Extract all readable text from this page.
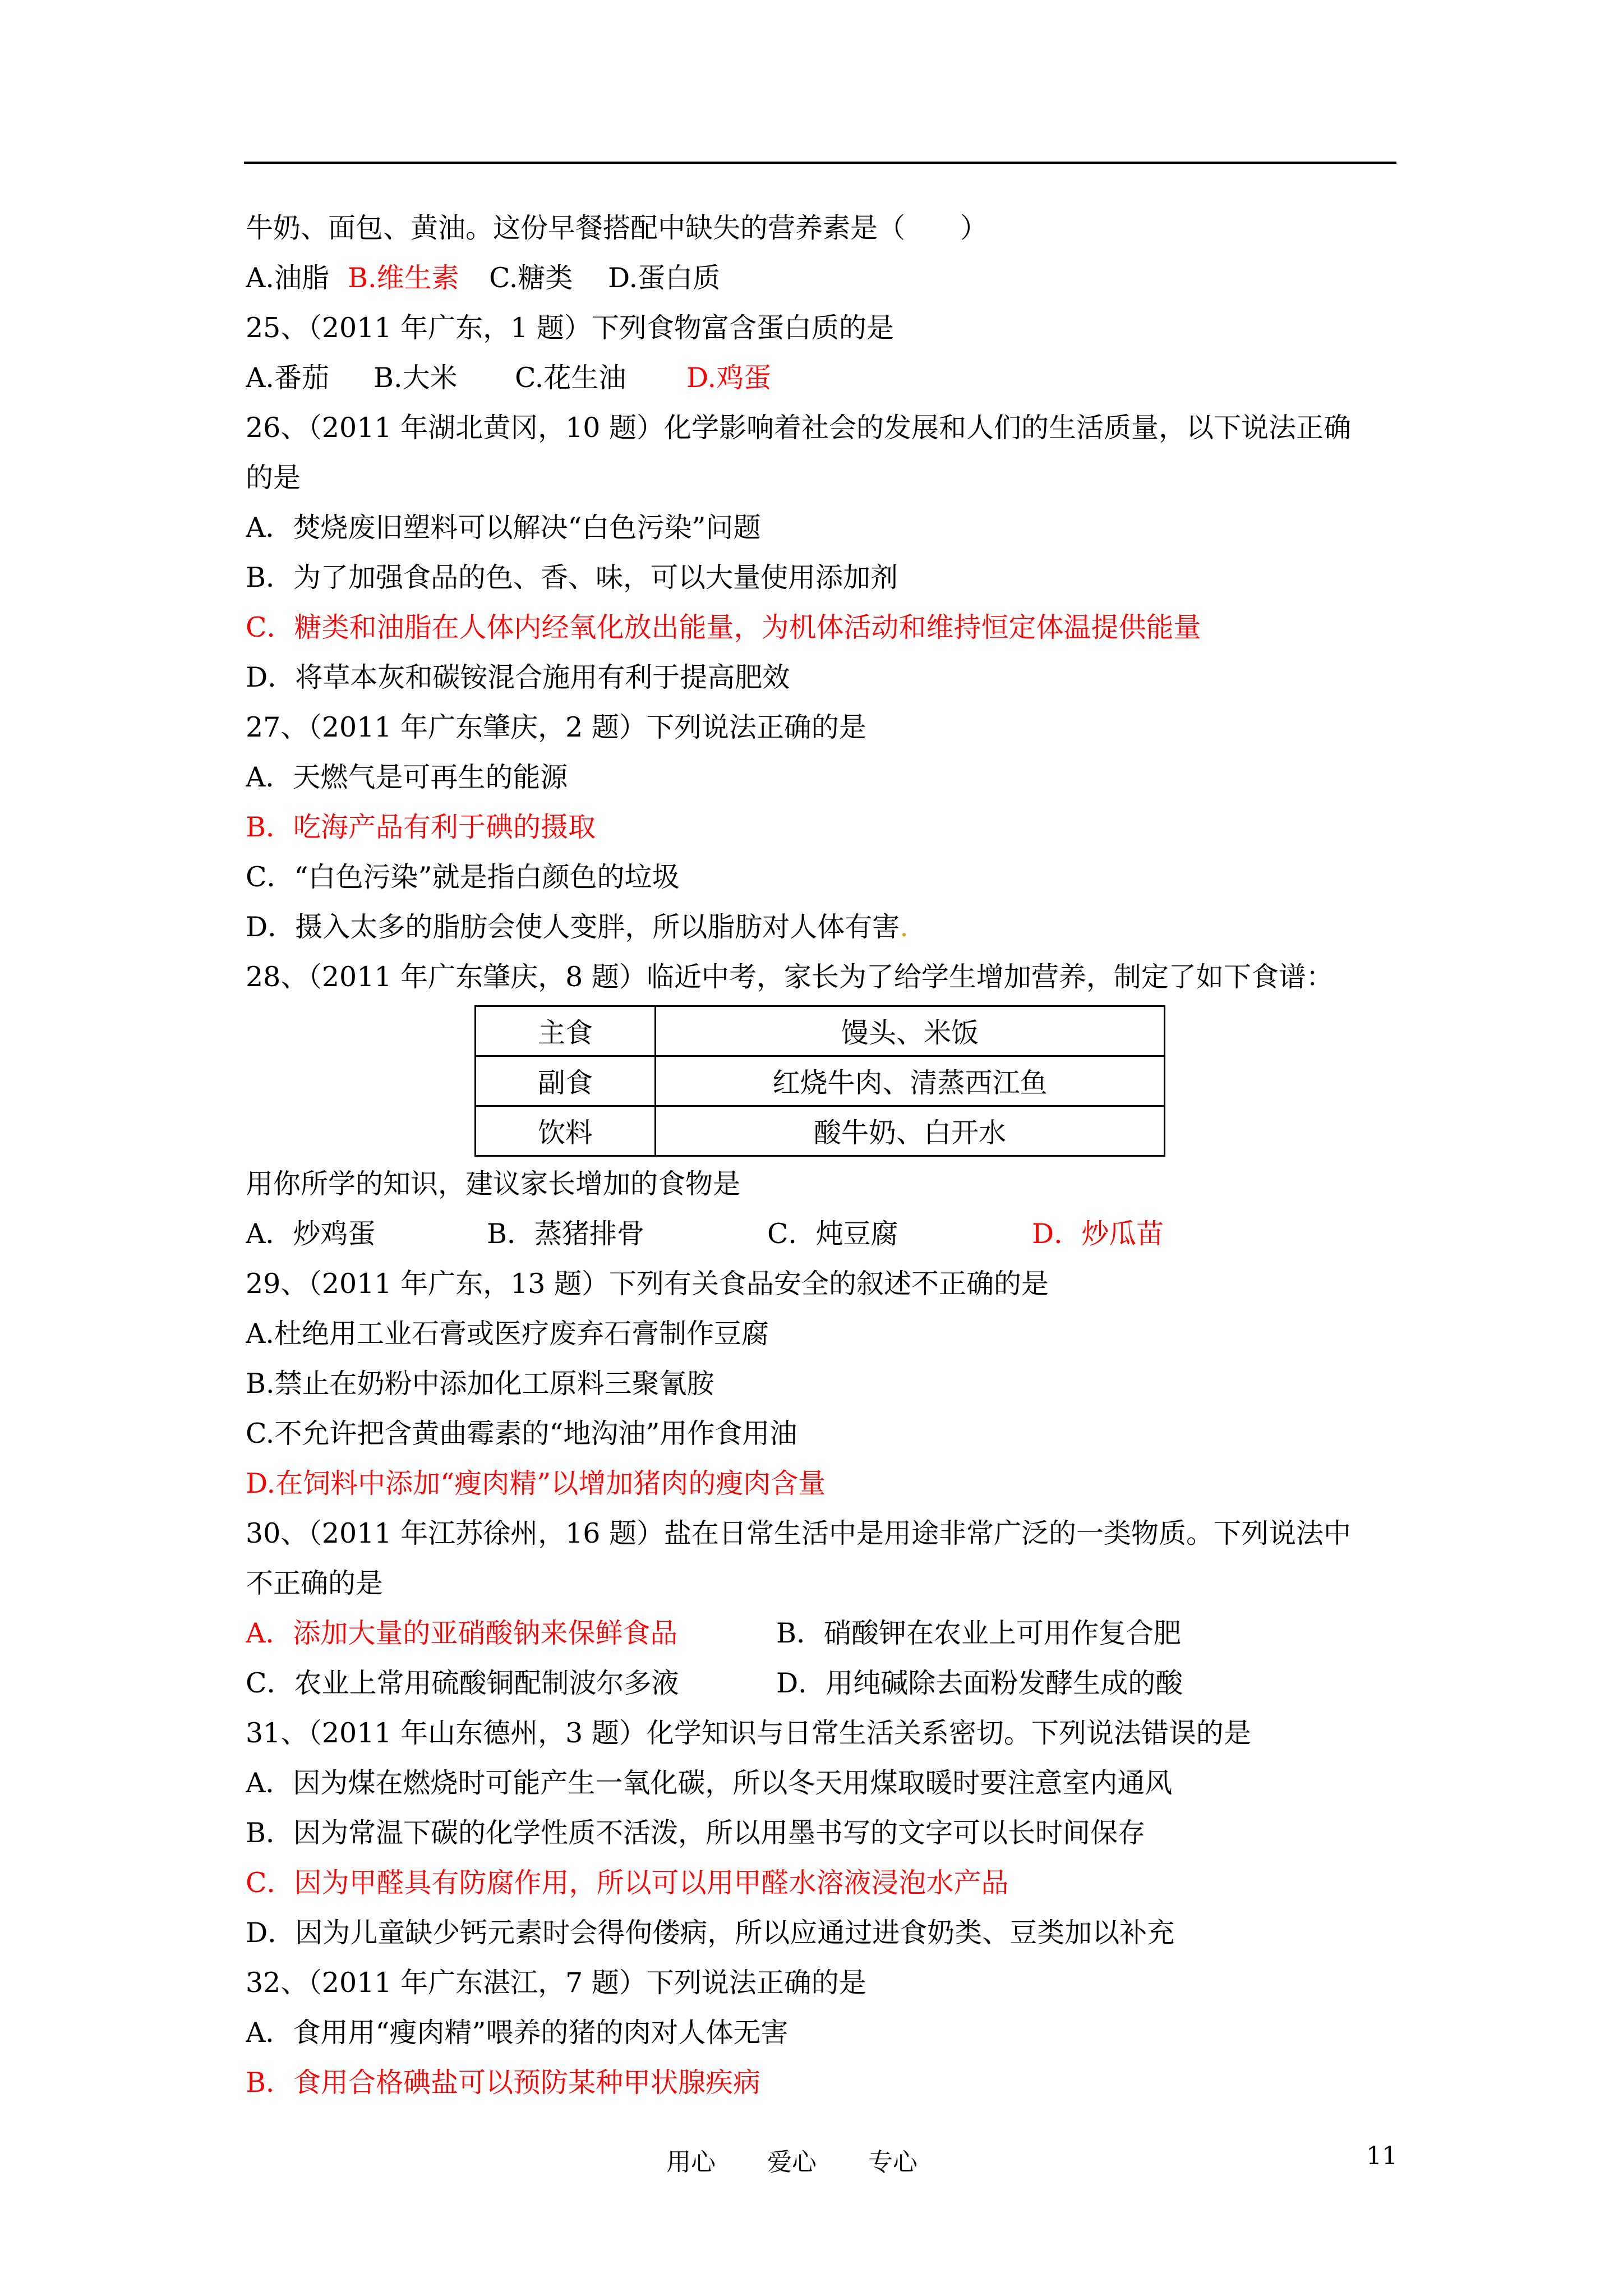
牛奶、面包、黄油。这份早餐搭配中缺失的营养素是（　　）
A.油脂 B.维生素 C.糖类 D.蛋白质
25、（2011 年广东，1 题）下列食物富含蛋白质的是
A.番茄 B.大米 C.花生油 D.鸡蛋
26、（2011 年湖北黄冈，10 题）化学影响着社会的发展和人们的生活质量，以下说法正确
的是
A．焚烧废旧塑料可以解决“白色污染”问题
B．为了加强食品的色、香、味，可以大量使用添加剂
C．糖类和油脂在人体内经氧化放出能量，为机体活动和维持恒定体温提供能量
D．将草本灰和碳铵混合施用有利于提高肥效
27、（2011 年广东肇庆，2 题）下列说法正确的是
A．天燃气是可再生的能源
B．吃海产品有利于碘的摄取
C．“白色污染”就是指白颜色的垃圾
D．摄入太多的脂肪会使人变胖，所以脂肪对人体有害.
28、（2011 年广东肇庆，8 题）临近中考，家长为了给学生增加营养，制定了如下食谱：
主食	馒头、米饭
副食	红烧牛肉、清蒸西江鱼
饮料	酸牛奶、白开水
用你所学的知识，建议家长增加的食物是
A．炒鸡蛋	B．蒸猪排骨	C．炖豆腐	D．炒瓜苗
29、（2011 年广东，13 题）下列有关食品安全的叙述不正确的是
A.杜绝用工业石膏或医疗废弃石膏制作豆腐
B.禁止在奶粉中添加化工原料三聚氰胺
C.不允许把含黄曲霉素的“地沟油”用作食用油
D.在饲料中添加“瘦肉精”以增加猪肉的瘦肉含量
30、（2011 年江苏徐州，16 题）盐在日常生活中是用途非常广泛的一类物质。下列说法中
不正确的是
A．添加大量的亚硝酸钠来保鲜食品	B．硝酸钾在农业上可用作复合肥
C．农业上常用硫酸铜配制波尔多液	D．用纯碱除去面粉发酵生成的酸
31、（2011 年山东德州，3 题）化学知识与日常生活关系密切。下列说法错误的是
A．因为煤在燃烧时可能产生一氧化碳，所以冬天用煤取暖时要注意室内通风
B．因为常温下碳的化学性质不活泼，所以用墨书写的文字可以长时间保存
C．因为甲醛具有防腐作用，所以可以用甲醛水溶液浸泡水产品
D．因为儿童缺少钙元素时会得佝偻病，所以应通过进食奶类、豆类加以补充
32、（2011 年广东湛江，7 题）下列说法正确的是
A．食用用“瘦肉精”喂养的猪的肉对人体无害
B．食用合格碘盐可以预防某种甲状腺疾病
用心 爱心 专心	11
